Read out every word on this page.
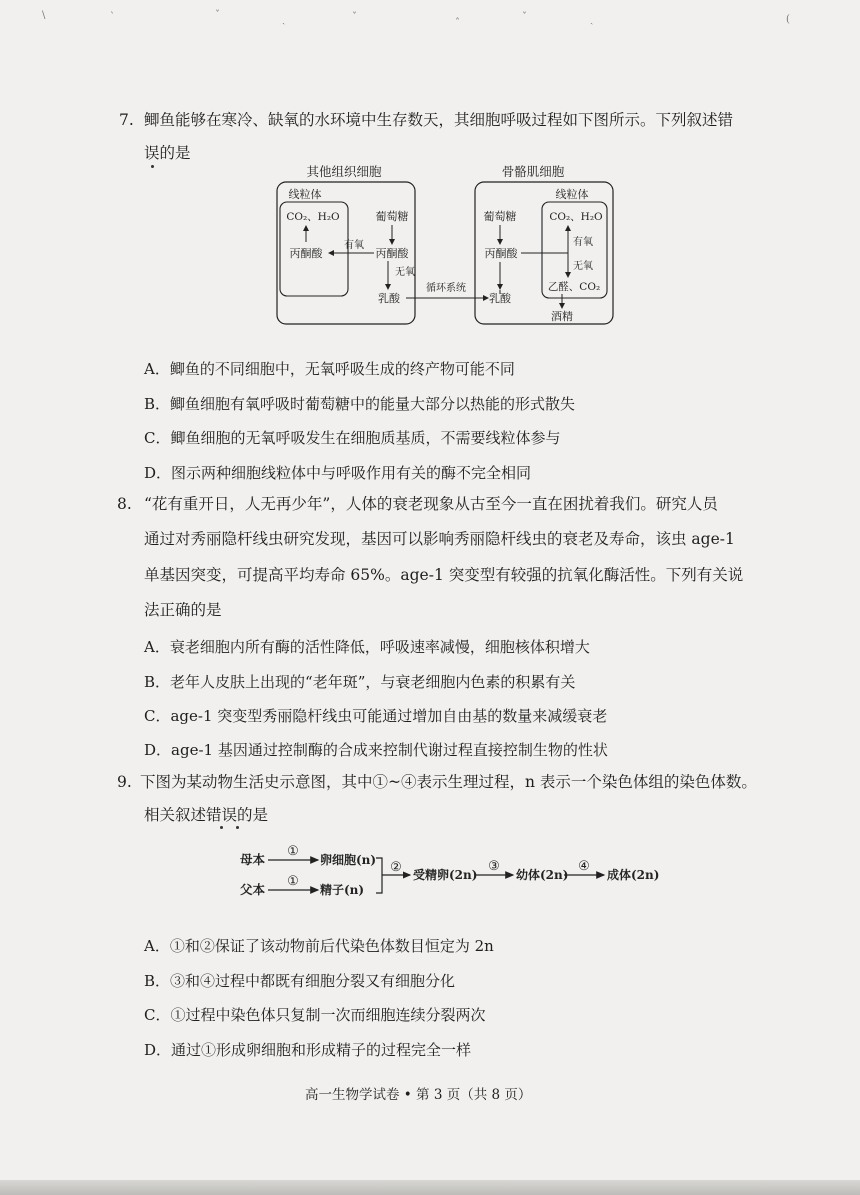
\	ˋ	ˇ	ˎ	ˇ
ˆ
ˇ	ˎ	(
7. 鲫鱼能够在寒冷、缺氧的水环境中生存数天，其细胞呼吸过程如下图所示。下列叙述错
误的是
其他组织细胞	骨骼肌细胞
线粒体
CO₂、H₂O
丙酮酸
葡萄糖
丙酮酸
有氧
无氧
乳酸
循环系统
线粒体
葡萄糖
丙酮酸
乳酸
CO₂、H₂O
有氧
无氧
乙醛、CO₂
酒精
A．鲫鱼的不同细胞中，无氧呼吸生成的终产物可能不同
B．鲫鱼细胞有氧呼吸时葡萄糖中的能量大部分以热能的形式散失
C．鲫鱼细胞的无氧呼吸发生在细胞质基质，不需要线粒体参与
D．图示两种细胞线粒体中与呼吸作用有关的酶不完全相同
8. “花有重开日，人无再少年”，人体的衰老现象从古至今一直在困扰着我们。研究人员
通过对秀丽隐杆线虫研究发现，基因可以影响秀丽隐杆线虫的衰老及寿命，该虫 age-1
单基因突变，可提高平均寿命 65%。age-1 突变型有较强的抗氧化酶活性。下列有关说
法正确的是
A．衰老细胞内所有酶的活性降低，呼吸速率减慢，细胞核体积增大
B．老年人皮肤上出现的“老年斑”，与衰老细胞内色素的积累有关
C．age-1 突变型秀丽隐杆线虫可能通过增加自由基的数量来减缓衰老
D．age-1 基因通过控制酶的合成来控制代谢过程直接控制生物的性状
9. 下图为某动物生活史示意图，其中①~④表示生理过程，n 表示一个染色体组的染色体数。
相关叙述错误的是
母本
①
卵细胞(n)
父本
①
精子(n)
② 受精卵(2n)
③
幼体(2n)
④
成体(2n)
A．①和②保证了该动物前后代染色体数目恒定为 2n
B．③和④过程中都既有细胞分裂又有细胞分化
C．①过程中染色体只复制一次而细胞连续分裂两次
D．通过①形成卵细胞和形成精子的过程完全一样
高一生物学试卷 • 第 3 页（共 8 页）
